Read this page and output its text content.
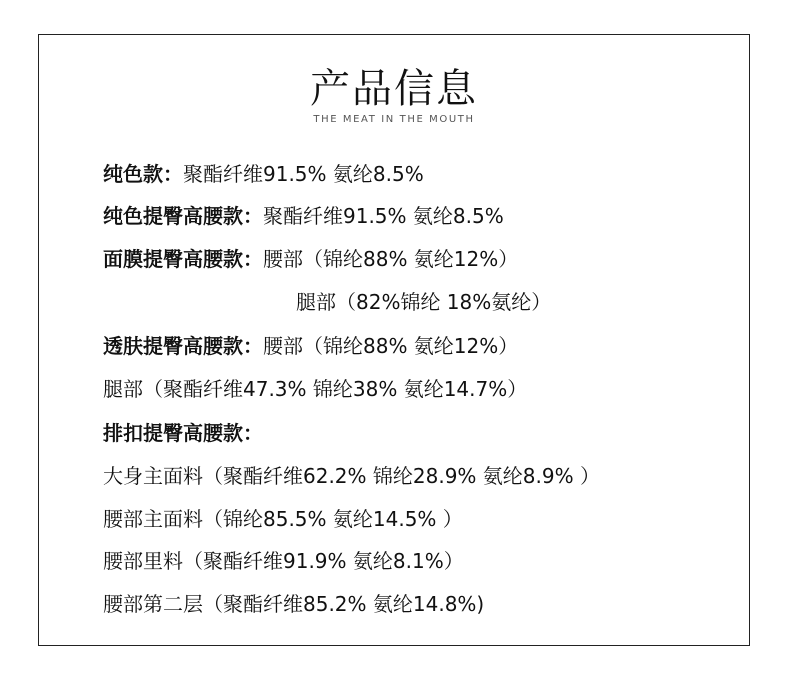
产品信息
THE MEAT IN THE MOUTH
纯色款：聚酯纤维91.5% 氨纶8.5%
纯色提臀高腰款：聚酯纤维91.5% 氨纶8.5%
面膜提臀高腰款：腰部（锦纶88% 氨纶12%）
腿部（82%锦纶 18%氨纶）
透肤提臀高腰款：腰部（锦纶88% 氨纶12%）
腿部（聚酯纤维47.3% 锦纶38% 氨纶14.7%）
排扣提臀高腰款：
大身主面料（聚酯纤维62.2% 锦纶28.9% 氨纶8.9% ）
腰部主面料（锦纶85.5% 氨纶14.5% ）
腰部里料（聚酯纤维91.9% 氨纶8.1%）
腰部第二层（聚酯纤维85.2% 氨纶14.8%)
